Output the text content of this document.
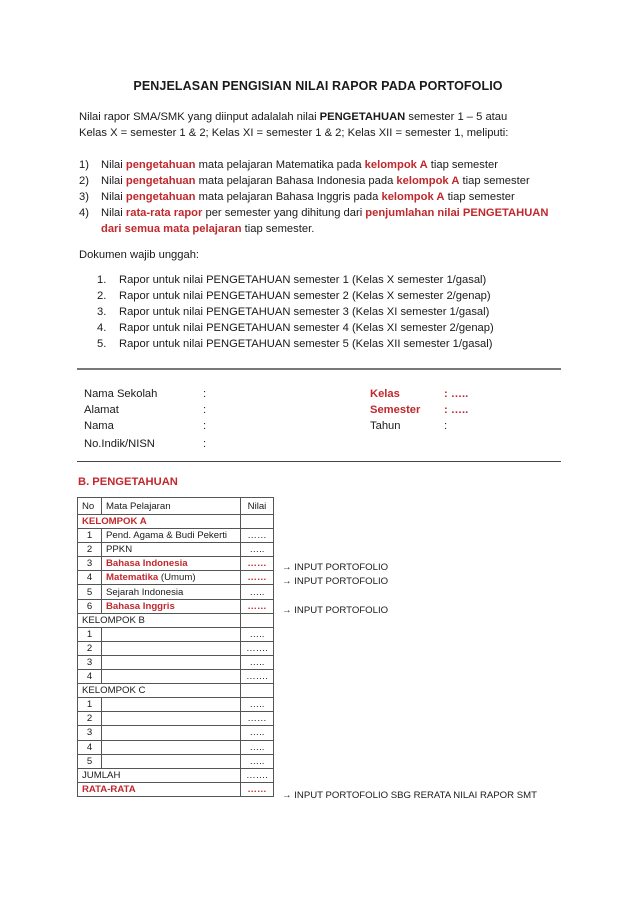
PENJELASAN PENGISIAN NILAI RAPOR PADA PORTOFOLIO
Nilai rapor SMA/SMK yang diinput adalalah nilai PENGETAHUAN semester 1 – 5 atau
Kelas X = semester 1 & 2; Kelas XI = semester 1 & 2; Kelas XII = semester 1, meliputi:
1) Nilai pengetahuan mata pelajaran Matematika pada kelompok A tiap semester
2) Nilai pengetahuan mata pelajaran Bahasa Indonesia pada kelompok A tiap semester
3) Nilai pengetahuan mata pelajaran Bahasa Inggris pada kelompok A tiap semester
4) Nilai rata-rata rapor per semester yang dihitung dari penjumlahan nilai PENGETAHUAN
dari semua mata pelajaran tiap semester.
Dokumen wajib unggah:
1. Rapor untuk nilai PENGETAHUAN semester 1 (Kelas X semester 1/gasal)
2. Rapor untuk nilai PENGETAHUAN semester 2 (Kelas X semester 2/genap)
3. Rapor untuk nilai PENGETAHUAN semester 3 (Kelas XI semester 1/gasal)
4. Rapor untuk nilai PENGETAHUAN semester 4 (Kelas XI semester 2/genap)
5. Rapor untuk nilai PENGETAHUAN semester 5 (Kelas XII semester 1/gasal)
Nama Sekolah	:
Alamat	:
Nama	:
No.Indik/NISN	:
Kelas	: …..
Semester : …..
Tahun	:
B. PENGETAHUAN
No	Mata Pelajaran	Nilai
KELOMPOK A		
1	Pend. Agama & Budi Pekerti	……
2	PPKN	…..
3	Bahasa Indonesia	……
4	Matematika (Umum)	……
5	Sejarah Indonesia	…..
6	Bahasa Inggris	……
KELOMPOK B		
1		…..
2		…….
3		…..
4		…….
KELOMPOK C		
1		…..
2		……
3		…..
4		…..
5		…..
JUMLAH		…….
RATA-RATA		……
→ INPUT PORTOFOLIO
→ INPUT PORTOFOLIO
→ INPUT PORTOFOLIO
→ INPUT PORTOFOLIO SBG RERATA NILAI RAPOR SMT
